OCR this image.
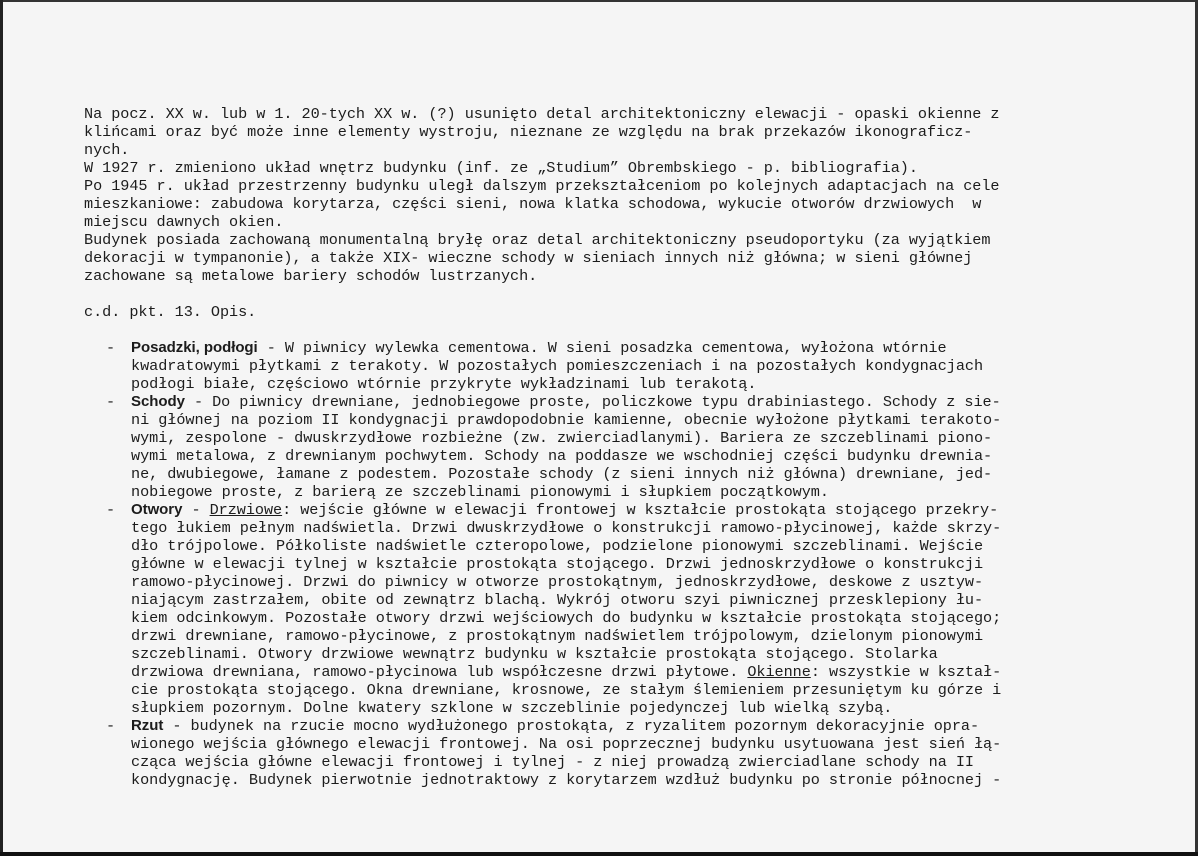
Na pocz. XX w. lub w 1. 20-tych XX w. (?) usunięto detal architektoniczny elewacji - opaski okienne z
klińcami oraz być może inne elementy wystroju, nieznane ze względu na brak przekazów ikonograficz-
nych.
W 1927 r. zmieniono układ wnętrz budynku (inf. ze „Studium” Obrembskiego - p. bibliografia).
Po 1945 r. układ przestrzenny budynku uległ dalszym przekształceniom po kolejnych adaptacjach na cele
mieszkaniowe: zabudowa korytarza, części sieni, nowa klatka schodowa, wykucie otworów drzwiowych  w
miejscu dawnych okien.
Budynek posiada zachowaną monumentalną bryłę oraz detal architektoniczny pseudoportyku (za wyjątkiem
dekoracji w tympanonie), a także XIX- wieczne schody w sieniach innych niż główna; w sieni głównej
zachowane są metalowe bariery schodów lustrzanych.
c.d. pkt. 13. Opis.
- Posadzki, podłogi - W piwnicy wylewka cementowa. W sieni posadzka cementowa, wyłożona wtórnie
kwadratowymi płytkami z terakoty. W pozostałych pomieszczeniach i na pozostałych kondygnacjach
podłogi białe, częściowo wtórnie przykryte wykładzinami lub terakotą.
- Schody - Do piwnicy drewniane, jednobiegowe proste, policzkowe typu drabiniastego. Schody z sie-
ni głównej na poziom II kondygnacji prawdopodobnie kamienne, obecnie wyłożone płytkami terakoto-
wymi, zespolone - dwuskrzydłowe rozbieżne (zw. zwierciadlanymi). Bariera ze szczeblinami piono-
wymi metalowa, z drewnianym pochwytem. Schody na poddasze we wschodniej części budynku drewnia-
ne, dwubiegowe, łamane z podestem. Pozostałe schody (z sieni innych niż główna) drewniane, jed-
nobiegowe proste, z barierą ze szczeblinami pionowymi i słupkiem początkowym.
- Otwory - Drzwiowe: wejście główne w elewacji frontowej w kształcie prostokąta stojącego przekry-
tego łukiem pełnym nadświetla. Drzwi dwuskrzydłowe o konstrukcji ramowo-płycinowej, każde skrzy-
dło trójpolowe. Półkoliste nadświetle czteropolowe, podzielone pionowymi szczeblinami. Wejście
główne w elewacji tylnej w kształcie prostokąta stojącego. Drzwi jednoskrzydłowe o konstrukcji
ramowo-płycinowej. Drzwi do piwnicy w otworze prostokątnym, jednoskrzydłowe, deskowe z usztyw-
niającym zastrzałem, obite od zewnątrz blachą. Wykrój otworu szyi piwnicznej przesklepiony łu-
kiem odcinkowym. Pozostałe otwory drzwi wejściowych do budynku w kształcie prostokąta stojącego;
drzwi drewniane, ramowo-płycinowe, z prostokątnym nadświetlem trójpolowym, dzielonym pionowymi
szczeblinami. Otwory drzwiowe wewnątrz budynku w kształcie prostokąta stojącego. Stolarka
drzwiowa drewniana, ramowo-płycinowa lub współczesne drzwi płytowe. Okienne: wszystkie w kształ-
cie prostokąta stojącego. Okna drewniane, krosnowe, ze stałym ślemieniem przesuniętym ku górze i
słupkiem pozornym. Dolne kwatery szklone w szczeblinie pojedynczej lub wielką szybą.
- Rzut - budynek na rzucie mocno wydłużonego prostokąta, z ryzalitem pozornym dekoracyjnie opra-
wionego wejścia głównego elewacji frontowej. Na osi poprzecznej budynku usytuowana jest sień łą-
cząca wejścia główne elewacji frontowej i tylnej - z niej prowadzą zwierciadlane schody na II
kondygnację. Budynek pierwotnie jednotraktowy z korytarzem wzdłuż budynku po stronie północnej -
